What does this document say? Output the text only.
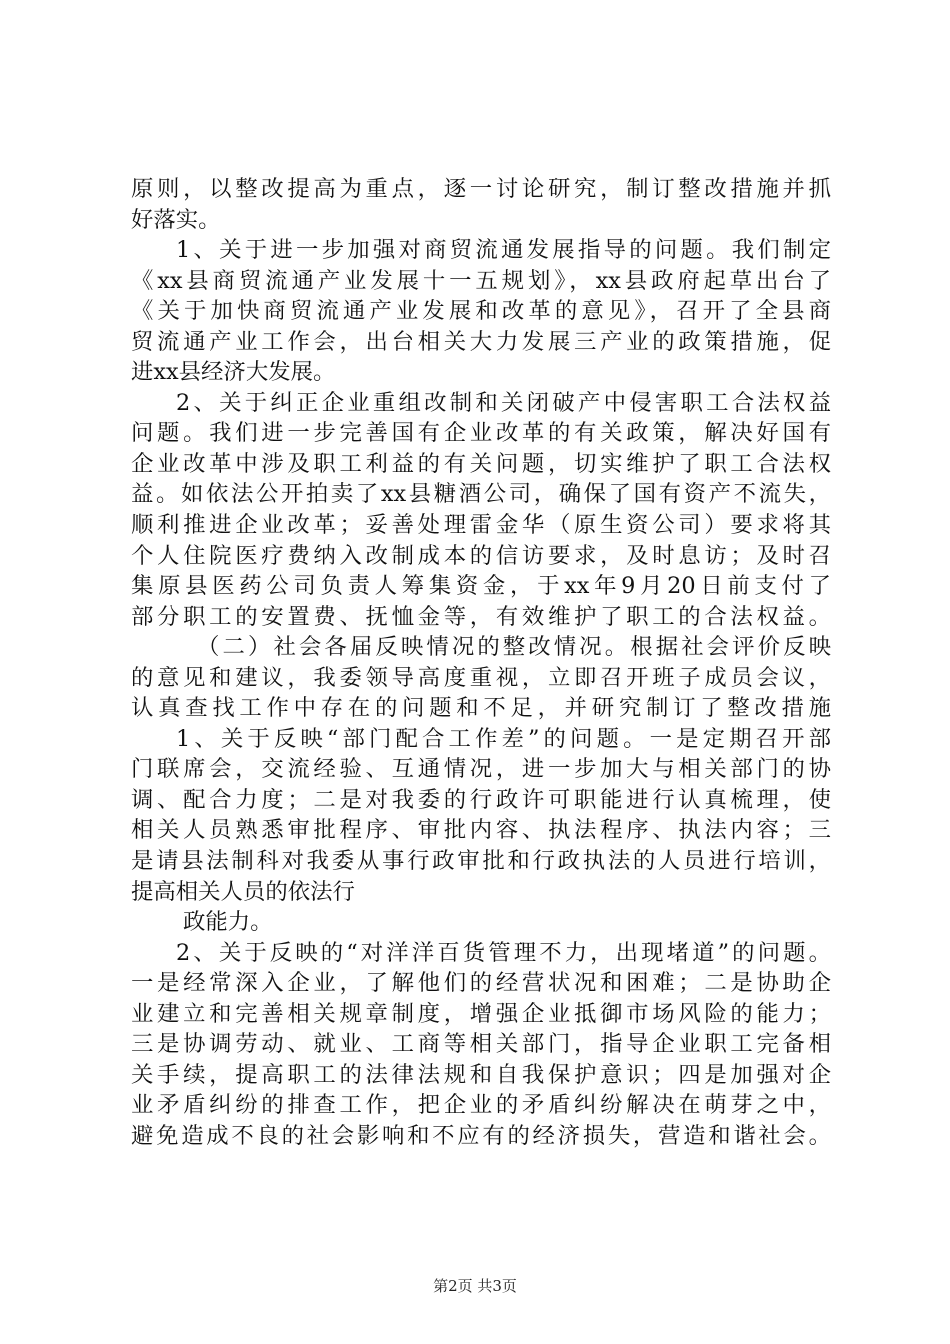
原则，以整改提高为重点，逐一讨论研究，制订整改措施并抓
好落实。
1、关于进一步加强对商贸流通发展指导的问题。我们制定
《xx县商贸流通产业发展十一五规划》，xx县政府起草出台了
《关于加快商贸流通产业发展和改革的意见》，召开了全县商
贸流通产业工作会，出台相关大力发展三产业的政策措施，促
进xx县经济大发展。
2、关于纠正企业重组改制和关闭破产中侵害职工合法权益
问题。我们进一步完善国有企业改革的有关政策，解决好国有
企业改革中涉及职工利益的有关问题，切实维护了职工合法权
益。如依法公开拍卖了xx县糖酒公司，确保了国有资产不流失，
顺利推进企业改革；妥善处理雷金华（原生资公司）要求将其
个人住院医疗费纳入改制成本的信访要求，及时息访；及时召
集原县医药公司负责人筹集资金，于xx年9月20日前支付了
部分职工的安置费、抚恤金等，有效维护了职工的合法权益。
（二）社会各届反映情况的整改情况。根据社会评价反映
的意见和建议，我委领导高度重视，立即召开班子成员会议，
认真查找工作中存在的问题和不足，并研究制订了整改措施
1、关于反映“部门配合工作差”的问题。一是定期召开部
门联席会，交流经验、互通情况，进一步加大与相关部门的协
调、配合力度；二是对我委的行政许可职能进行认真梳理，使
相关人员熟悉审批程序、审批内容、执法程序、执法内容；三
是请县法制科对我委从事行政审批和行政执法的人员进行培训，
提高相关人员的依法行
政能力。
2、关于反映的“对洋洋百货管理不力，出现堵道”的问题。
一是经常深入企业，了解他们的经营状况和困难；二是协助企
业建立和完善相关规章制度，增强企业抵御市场风险的能力；
三是协调劳动、就业、工商等相关部门，指导企业职工完备相
关手续，提高职工的法律法规和自我保护意识；四是加强对企
业矛盾纠纷的排查工作，把企业的矛盾纠纷解决在萌芽之中，
避免造成不良的社会影响和不应有的经济损失，营造和谐社会。
第2页 共3页
